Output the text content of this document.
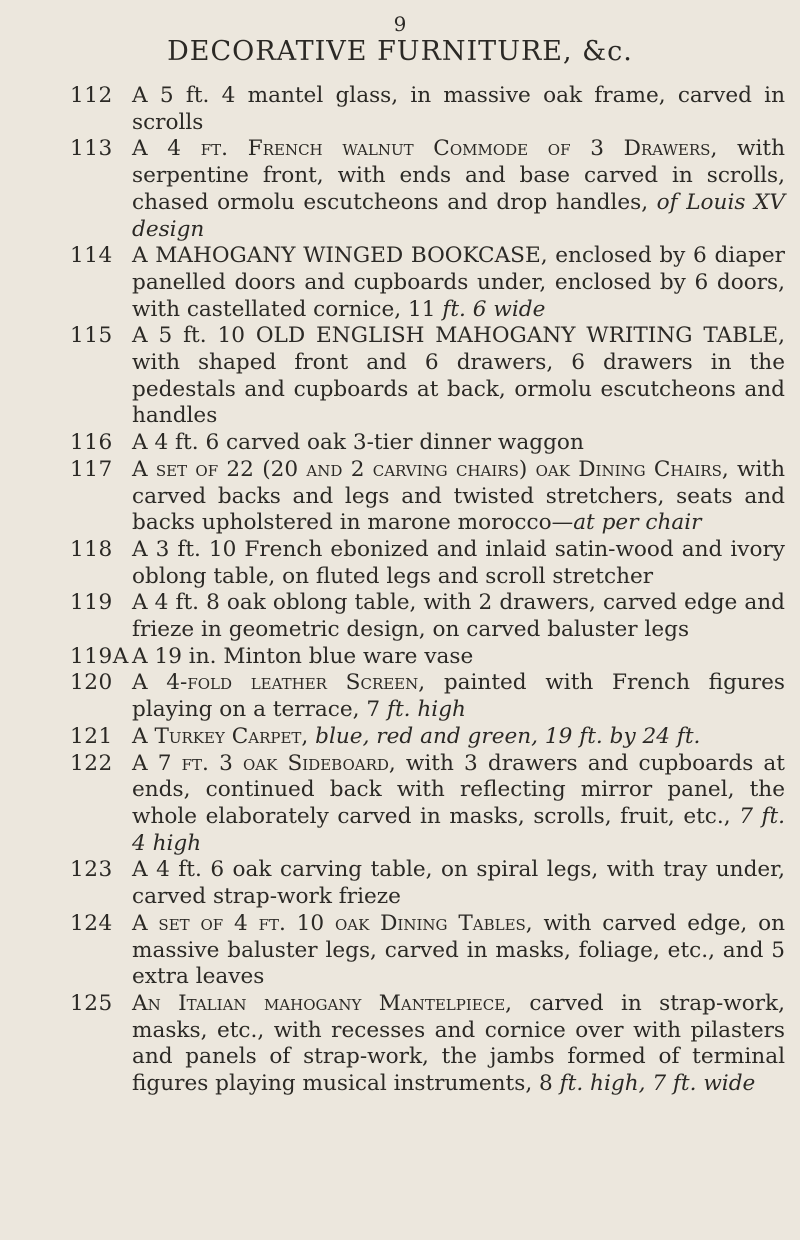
9
DECORATIVE FURNITURE, &c.
112 A 5 ft. 4 mantel glass, in massive oak frame, carved in scrolls
113 A 4 ft. French walnut Commode of 3 Drawers, with serpentine front, with ends and base carved in scrolls, chased ormolu escutcheons and drop handles, of Louis XV design
114 A MAHOGANY WINGED BOOKCASE, enclosed by 6 diaper panelled doors and cupboards under, enclosed by 6 doors, with castellated cornice, 11 ft. 6 wide
115 A 5 ft. 10 OLD ENGLISH MAHOGANY WRITING TABLE, with shaped front and 6 drawers, 6 drawers in the pedestals and cupboards at back, ormolu escutcheons and handles
116 A 4 ft. 6 carved oak 3-tier dinner waggon
117 A set of 22 (20 and 2 carving chairs) oak Dining Chairs, with carved backs and legs and twisted stretchers, seats and backs upholstered in marone morocco—at per chair
118 A 3 ft. 10 French ebonized and inlaid satin-wood and ivory oblong table, on fluted legs and scroll stretcher
119 A 4 ft. 8 oak oblong table, with 2 drawers, carved edge and frieze in geometric design, on carved baluster legs
119A A 19 in. Minton blue ware vase
120 A 4-fold leather Screen, painted with French figures playing on a terrace, 7 ft. high
121 A Turkey Carpet, blue, red and green, 19 ft. by 24 ft.
122 A 7 ft. 3 oak Sideboard, with 3 drawers and cupboards at ends, continued back with reflecting mirror panel, the whole elaborately carved in masks, scrolls, fruit, etc., 7 ft. 4 high
123 A 4 ft. 6 oak carving table, on spiral legs, with tray under, carved strap-work frieze
124 A set of 4 ft. 10 oak Dining Tables, with carved edge, on massive baluster legs, carved in masks, foliage, etc., and 5 extra leaves
125 An Italian mahogany Mantelpiece, carved in strap-work, masks, etc., with recesses and cornice over with pilasters and panels of strap-work, the jambs formed of terminal figures playing musical instruments, 8 ft. high, 7 ft. wide
